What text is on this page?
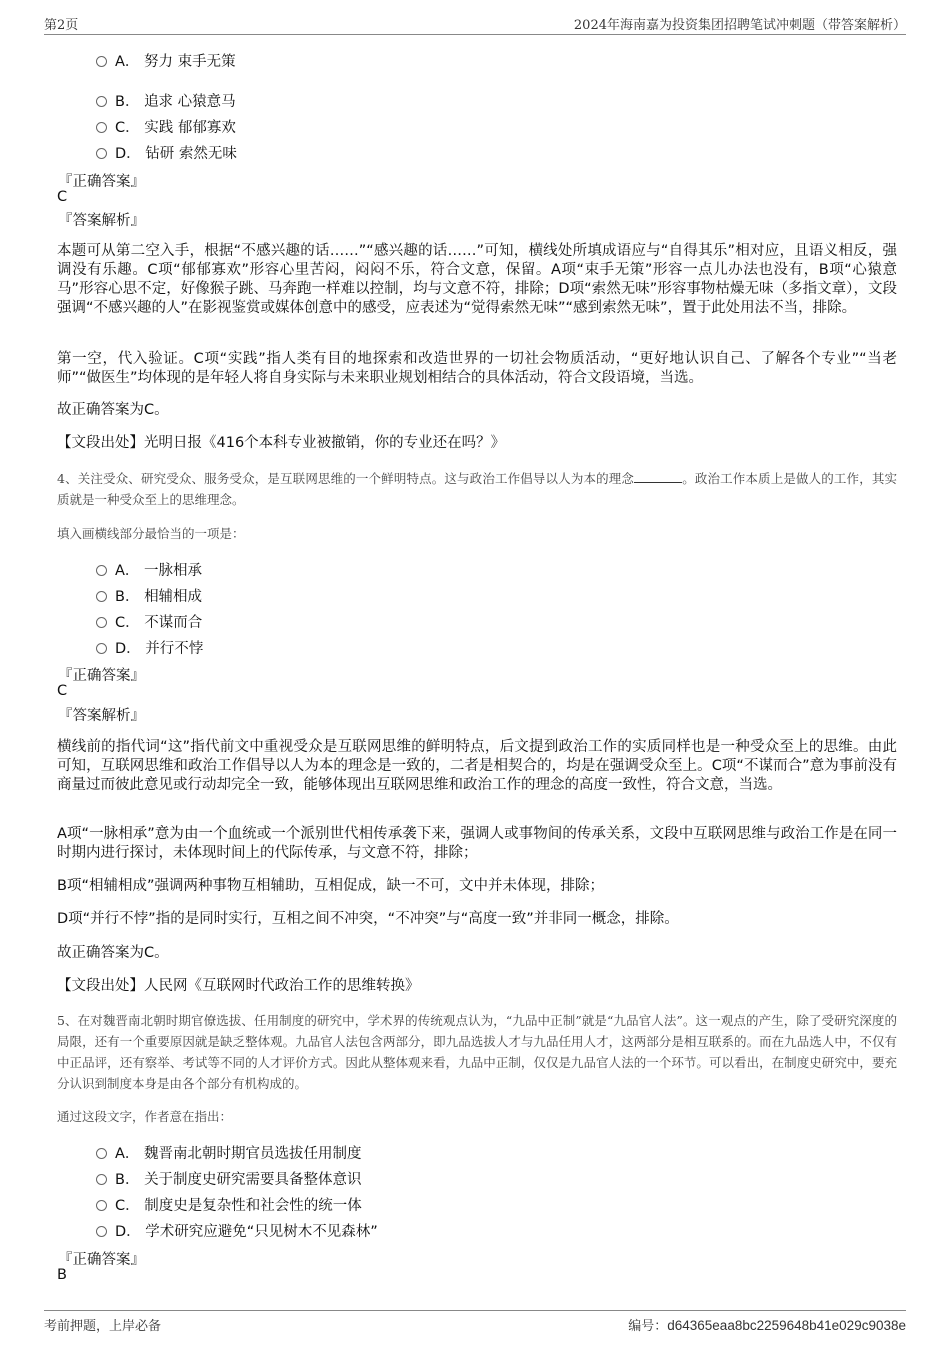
第2页	2024年海南嘉为投资集团招聘笔试冲刺题（带答案解析）
A． 努力 束手无策
B． 追求 心猿意马
C． 实践 郁郁寡欢
D． 钻研 索然无味
『正确答案』
C
『答案解析』
本题可从第二空入手，根据“不感兴趣的话……”“感兴趣的话……”可知，横线处所填成语应与“自得其乐”相对应，且语义相反，强调没有乐趣。C项“郁郁寡欢”形容心里苦闷，闷闷不乐，符合文意，保留。A项“束手无策”形容一点儿办法也没有，B项“心猿意马”形容心思不定，好像猴子跳、马奔跑一样难以控制，均与文意不符，排除；D项“索然无味”形容事物枯燥无味（多指文章），文段强调“不感兴趣的人”在影视鉴赏或媒体创意中的感受，应表述为“觉得索然无味”“感到索然无味”，置于此处用法不当，排除。
第一空，代入验证。C项“实践”指人类有目的地探索和改造世界的一切社会物质活动，“更好地认识自己、了解各个专业”“当老师”“做医生”均体现的是年轻人将自身实际与未来职业规划相结合的具体活动，符合文段语境，当选。
故正确答案为C。
【文段出处】光明日报《416个本科专业被撤销，你的专业还在吗？》
4、关注受众、研究受众、服务受众，是互联网思维的一个鲜明特点。这与政治工作倡导以人为本的理念	。政治工作本质上是做人的工作，其实质就是一种受众至上的思维理念。
填入画横线部分最恰当的一项是：
A． 一脉相承
B． 相辅相成
C． 不谋而合
D． 并行不悖
『正确答案』
C
『答案解析』
横线前的指代词“这”指代前文中重视受众是互联网思维的鲜明特点，后文提到政治工作的实质同样也是一种受众至上的思维。由此可知，互联网思维和政治工作倡导以人为本的理念是一致的，二者是相契合的，均是在强调受众至上。C项“不谋而合”意为事前没有商量过而彼此意见或行动却完全一致，能够体现出互联网思维和政治工作的理念的高度一致性，符合文意，当选。
A项“一脉相承”意为由一个血统或一个派别世代相传承袭下来，强调人或事物间的传承关系，文段中互联网思维与政治工作是在同一时期内进行探讨，未体现时间上的代际传承，与文意不符，排除；
B项“相辅相成”强调两种事物互相辅助，互相促成，缺一不可，文中并未体现，排除；
D项“并行不悖”指的是同时实行，互相之间不冲突，“不冲突”与“高度一致”并非同一概念，排除。
故正确答案为C。
【文段出处】人民网《互联网时代政治工作的思维转换》
5、在对魏晋南北朝时期官僚选拔、任用制度的研究中，学术界的传统观点认为，“九品中正制”就是“九品官人法”。这一观点的产生，除了受研究深度的局限，还有一个重要原因就是缺乏整体观。九品官人法包含两部分，即九品选拔人才与九品任用人才，这两部分是相互联系的。而在九品选人中，不仅有中正品评，还有察举、考试等不同的人才评价方式。因此从整体观来看，九品中正制，仅仅是九品官人法的一个环节。可以看出，在制度史研究中，要充分认识到制度本身是由各个部分有机构成的。
通过这段文字，作者意在指出：
A． 魏晋南北朝时期官员选拔任用制度
B． 关于制度史研究需要具备整体意识
C． 制度史是复杂性和社会性的统一体
D． 学术研究应避免“只见树木不见森林”
『正确答案』
B
考前押题，上岸必备	编号：d64365eaa8bc2259648b41e029c9038e
